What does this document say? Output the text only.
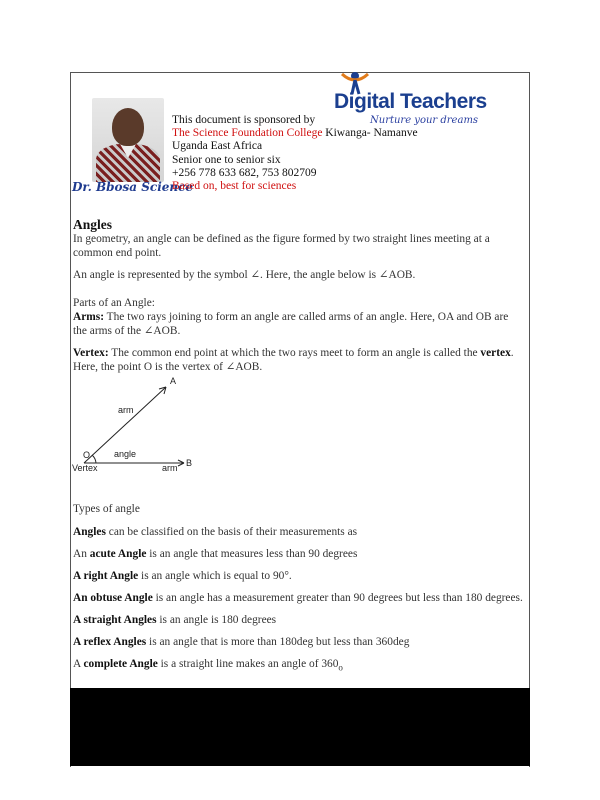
Dr. Bbosa Science
This document is sponsored by
The Science Foundation College Kiwanga- Namanve
Uganda East Africa
Senior one to senior six
+256 778 633 682, 753 802709
Based on, best for sciences
Digital Teachers
Nurture your dreams
Angles

In geometry, an angle can be defined as the figure formed by two straight lines meeting at a common end point.

An angle is represented by the symbol ∠. Here, the angle below is ∠AOB.

Parts of an Angle:

Arms: The two rays joining to form an angle are called arms of an angle. Here, OA and OB are the arms of the ∠AOB.

Vertex: The common end point at which the two rays meet to form an angle is called the vertex. Here, the point O is the vertex of ∠AOB.

A
B
O
arm
angle
arm
Vertex

Types of angle

Angles can be classified on the basis of their measurements as

An acute Angle is an angle that measures less than 90 degrees

A right Angle is an angle which is equal to 90°.

An obtuse Angle is an angle has a measurement greater than 90 degrees but less than 180 degrees.

A straight Angles is an angle is 180 degrees

A reflex Angles is an angle that is more than 180deg but less than 360deg

A complete Angle is a straight line makes an angle of $360_o$
